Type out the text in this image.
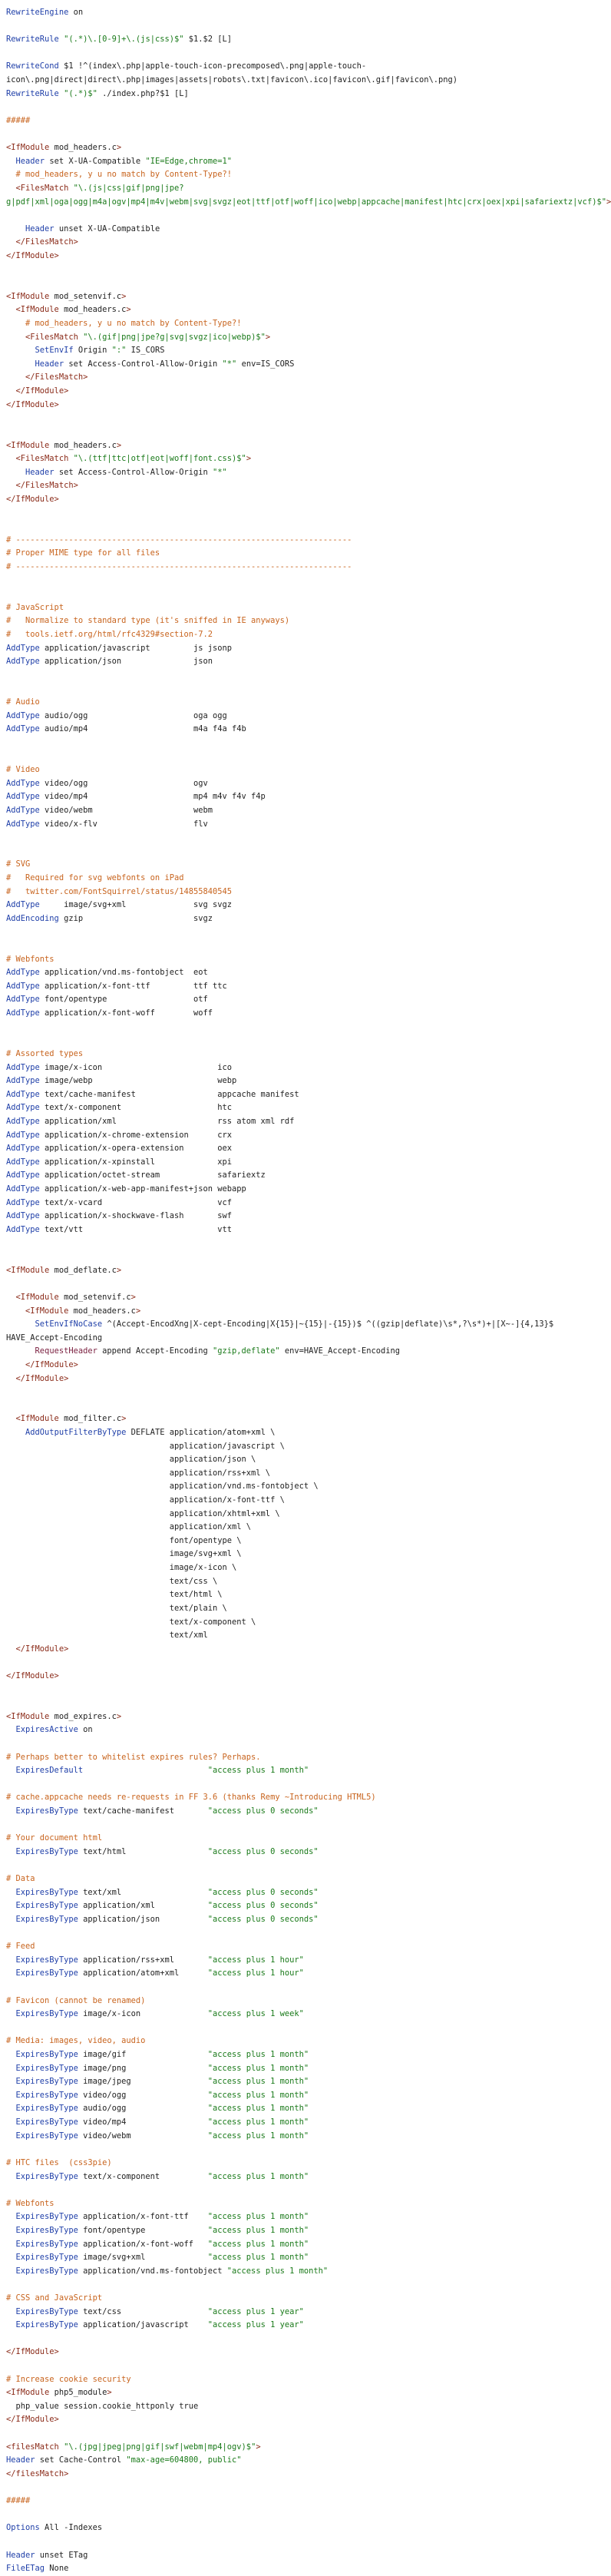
RewriteEngine on

RewriteRule "(.*)\.[0-9]+\.(js|css)$" $1.$2 [L]

RewriteCond $1 !^(index\.php|apple-touch-icon-precomposed\.png|apple-touch-
icon\.png|direct|direct\.php|images|assets|robots\.txt|favicon\.ico|favicon\.gif|favicon\.png)
RewriteRule "(.*)$" ./index.php?$1 [L]

#####

<IfModule mod_headers.c>
Header set X-UA-Compatible "IE=Edge,chrome=1"
# mod_headers, y u no match by Content-Type?!
<FilesMatch "\.(js|css|gif|png|jpe?
g|pdf|xml|oga|ogg|m4a|ogv|mp4|m4v|webm|svg|svgz|eot|ttf|otf|woff|ico|webp|appcache|manifest|htc|crx|oex|xpi|safariextz|vcf)$">

Header unset X-UA-Compatible
</FilesMatch>
</IfModule>

<IfModule mod_setenvif.c>
<IfModule mod_headers.c>
# mod_headers, y u no match by Content-Type?!
<FilesMatch "\.(gif|png|jpe?g|svg|svgz|ico|webp)$">
SetEnvIf Origin ":" IS_CORS
Header set Access-Control-Allow-Origin "*" env=IS_CORS
</FilesMatch>
</IfModule>
</IfModule>

<IfModule mod_headers.c>
<FilesMatch "\.(ttf|ttc|otf|eot|woff|font.css)$">
Header set Access-Control-Allow-Origin "*"
</FilesMatch>
</IfModule>

# ----------------------------------------------------------------------
# Proper MIME type for all files
# ----------------------------------------------------------------------

# JavaScript
#   Normalize to standard type (it's sniffed in IE anyways)
#   tools.ietf.org/html/rfc4329#section-7.2
AddType application/javascript         js jsonp
AddType application/json               json

# Audio
AddType audio/ogg                      oga ogg
AddType audio/mp4                      m4a f4a f4b

# Video
AddType video/ogg                      ogv
AddType video/mp4                      mp4 m4v f4v f4p
AddType video/webm                     webm
AddType video/x-flv                    flv

# SVG
#   Required for svg webfonts on iPad
#   twitter.com/FontSquirrel/status/14855840545
AddType     image/svg+xml              svg svgz
AddEncoding gzip                       svgz

# Webfonts
AddType application/vnd.ms-fontobject  eot
AddType application/x-font-ttf         ttf ttc
AddType font/opentype                  otf
AddType application/x-font-woff        woff

# Assorted types
AddType image/x-icon                        ico
AddType image/webp                          webp
AddType text/cache-manifest                 appcache manifest
AddType text/x-component                    htc
AddType application/xml                     rss atom xml rdf
AddType application/x-chrome-extension      crx
AddType application/x-opera-extension       oex
AddType application/x-xpinstall             xpi
AddType application/octet-stream            safariextz
AddType application/x-web-app-manifest+json webapp
AddType text/x-vcard                        vcf
AddType application/x-shockwave-flash       swf
AddType text/vtt                            vtt

<IfModule mod_deflate.c>

<IfModule mod_setenvif.c>
<IfModule mod_headers.c>
SetEnvIfNoCase ^(Accept-EncodXng|X-cept-Encoding|X{15}|~{15}|-{15})$ ^((gzip|deflate)\s*,?\s*)+|[X~-]{4,13}$
HAVE_Accept-Encoding
RequestHeader append Accept-Encoding "gzip,deflate" env=HAVE_Accept-Encoding
</IfModule>
</IfModule>

<IfModule mod_filter.c>
AddOutputFilterByType DEFLATE application/atom+xml \
application/javascript \
application/json \
application/rss+xml \
application/vnd.ms-fontobject \
application/x-font-ttf \
application/xhtml+xml \
application/xml \
font/opentype \
image/svg+xml \
image/x-icon \
text/css \
text/html \
text/plain \
text/x-component \
text/xml
</IfModule>

</IfModule>

<IfModule mod_expires.c>
ExpiresActive on

# Perhaps better to whitelist expires rules? Perhaps.
ExpiresDefault	"access plus 1 month"

# cache.appcache needs re-requests in FF 3.6 (thanks Remy ~Introducing HTML5)
ExpiresByType text/cache-manifest       "access plus 0 seconds"

# Your document html
ExpiresByType text/html                 "access plus 0 seconds"

# Data
ExpiresByType text/xml                  "access plus 0 seconds"
ExpiresByType application/xml           "access plus 0 seconds"
ExpiresByType application/json          "access plus 0 seconds"

# Feed
ExpiresByType application/rss+xml       "access plus 1 hour"
ExpiresByType application/atom+xml      "access plus 1 hour"

# Favicon (cannot be renamed)
ExpiresByType image/x-icon              "access plus 1 week"

# Media: images, video, audio
ExpiresByType image/gif                 "access plus 1 month"
ExpiresByType image/png                 "access plus 1 month"
ExpiresByType image/jpeg                "access plus 1 month"
ExpiresByType video/ogg                 "access plus 1 month"
ExpiresByType audio/ogg                 "access plus 1 month"
ExpiresByType video/mp4                 "access plus 1 month"
ExpiresByType video/webm                "access plus 1 month"

# HTC files  (css3pie)
ExpiresByType text/x-component          "access plus 1 month"

# Webfonts
ExpiresByType application/x-font-ttf    "access plus 1 month"
ExpiresByType font/opentype             "access plus 1 month"
ExpiresByType application/x-font-woff   "access plus 1 month"
ExpiresByType image/svg+xml             "access plus 1 month"
ExpiresByType application/vnd.ms-fontobject "access plus 1 month"

# CSS and JavaScript
ExpiresByType text/css                  "access plus 1 year"
ExpiresByType application/javascript    "access plus 1 year"

</IfModule>

# Increase cookie security
<IfModule php5_module>
php_value session.cookie_httponly true
</IfModule>

<filesMatch "\.(jpg|jpeg|png|gif|swf|webm|mp4|ogv)$">
Header set Cache-Control "max-age=604800, public"
</filesMatch>

#####

Options All -Indexes

Header unset ETag
FileETag None
